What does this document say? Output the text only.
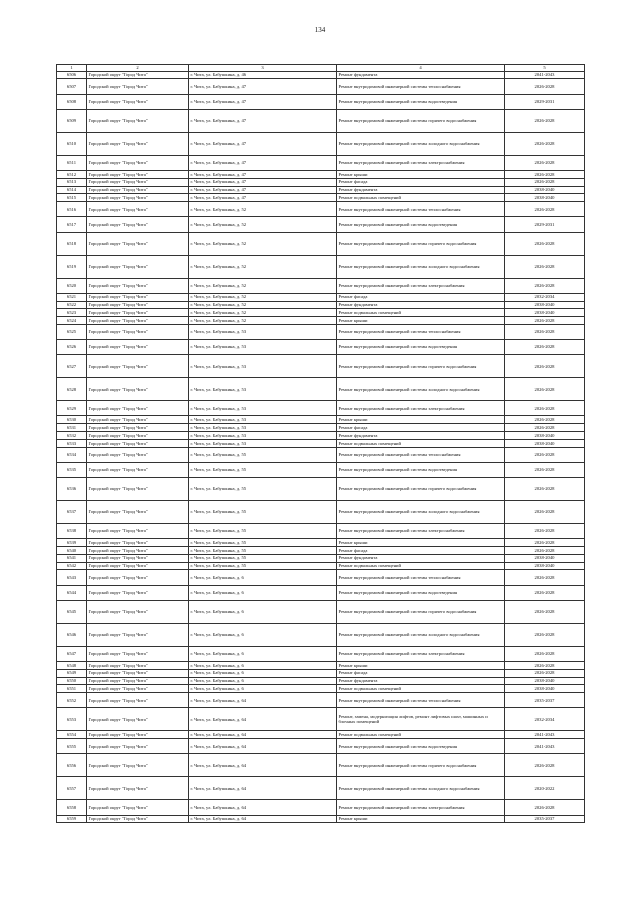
134
1	2	3	4	5
6506	Городской округ "Город Чита"	г. Чита, ул. Бабушкина, д. 46	Ремонт фундамента	2041-2043
6507	Городской округ "Город Чита"	г. Чита, ул. Бабушкина, д. 47	Ремонт внутридомовой инженерной системы теплоснабжения	2026-2028
6508	Городской округ "Город Чита"	г. Чита, ул. Бабушкина, д. 47	Ремонт внутридомовой инженерной системы водоотведения	2029-2031
6509	Городской округ "Город Чита"	г. Чита, ул. Бабушкина, д. 47	Ремонт внутридомовой инженерной системы горячего водоснабжения	2026-2028
6510	Городской округ "Город Чита"	г. Чита, ул. Бабушкина, д. 47	Ремонт внутридомовой инженерной системы холодного водоснабжения	2026-2028
6511	Городской округ "Город Чита"	г. Чита, ул. Бабушкина, д. 47	Ремонт внутридомовой инженерной системы электроснабжения	2026-2028
6512	Городской округ "Город Чита"	г. Чита, ул. Бабушкина, д. 47	Ремонт крыши	2026-2028
6513	Городской округ "Город Чита"	г. Чита, ул. Бабушкина, д. 47	Ремонт фасада	2026-2028
6514	Городской округ "Город Чита"	г. Чита, ул. Бабушкина, д. 47	Ремонт фундамента	2038-2040
6515	Городской округ "Город Чита"	г. Чита, ул. Бабушкина, д. 47	Ремонт подвальных помещений	2038-2040
6516	Городской округ "Город Чита"	г. Чита, ул. Бабушкина, д. 52	Ремонт внутридомовой инженерной системы теплоснабжения	2026-2028
6517	Городской округ "Город Чита"	г. Чита, ул. Бабушкина, д. 52	Ремонт внутридомовой инженерной системы водоотведения	2029-2031
6518	Городской округ "Город Чита"	г. Чита, ул. Бабушкина, д. 52	Ремонт внутридомовой инженерной системы горячего водоснабжения	2026-2028
6519	Городской округ "Город Чита"	г. Чита, ул. Бабушкина, д. 52	Ремонт внутридомовой инженерной системы холодного водоснабжения	2026-2028
6520	Городской округ "Город Чита"	г. Чита, ул. Бабушкина, д. 52	Ремонт внутридомовой инженерной системы электроснабжения	2026-2028
6521	Городской округ "Город Чита"	г. Чита, ул. Бабушкина, д. 52	Ремонт фасада	2032-2034
6522	Городской округ "Город Чита"	г. Чита, ул. Бабушкина, д. 52	Ремонт фундамента	2038-2040
6523	Городской округ "Город Чита"	г. Чита, ул. Бабушкина, д. 52	Ремонт подвальных помещений	2038-2040
6524	Городской округ "Город Чита"	г. Чита, ул. Бабушкина, д. 52	Ремонт крыши	2026-2028
6525	Городской округ "Город Чита"	г. Чита, ул. Бабушкина, д. 53	Ремонт внутридомовой инженерной системы теплоснабжения	2026-2028
6526	Городской округ "Город Чита"	г. Чита, ул. Бабушкина, д. 53	Ремонт внутридомовой инженерной системы водоотведения	2026-2028
6527	Городской округ "Город Чита"	г. Чита, ул. Бабушкина, д. 53	Ремонт внутридомовой инженерной системы горячего водоснабжения	2026-2028
6528	Городской округ "Город Чита"	г. Чита, ул. Бабушкина, д. 53	Ремонт внутридомовой инженерной системы холодного водоснабжения	2026-2028
6529	Городской округ "Город Чита"	г. Чита, ул. Бабушкина, д. 53	Ремонт внутридомовой инженерной системы электроснабжения	2026-2028
6530	Городской округ "Город Чита"	г. Чита, ул. Бабушкина, д. 53	Ремонт крыши	2026-2028
6531	Городской округ "Город Чита"	г. Чита, ул. Бабушкина, д. 53	Ремонт фасада	2026-2028
6532	Городской округ "Город Чита"	г. Чита, ул. Бабушкина, д. 53	Ремонт фундамента	2038-2040
6533	Городской округ "Город Чита"	г. Чита, ул. Бабушкина, д. 53	Ремонт подвальных помещений	2038-2040
6534	Городской округ "Город Чита"	г. Чита, ул. Бабушкина, д. 55	Ремонт внутридомовой инженерной системы теплоснабжения	2026-2028
6535	Городской округ "Город Чита"	г. Чита, ул. Бабушкина, д. 55	Ремонт внутридомовой инженерной системы водоотведения	2026-2028
6536	Городской округ "Город Чита"	г. Чита, ул. Бабушкина, д. 55	Ремонт внутридомовой инженерной системы горячего водоснабжения	2026-2028
6537	Городской округ "Город Чита"	г. Чита, ул. Бабушкина, д. 55	Ремонт внутридомовой инженерной системы холодного водоснабжения	2026-2028
6538	Городской округ "Город Чита"	г. Чита, ул. Бабушкина, д. 55	Ремонт внутридомовой инженерной системы электроснабжения	2026-2028
6539	Городской округ "Город Чита"	г. Чита, ул. Бабушкина, д. 55	Ремонт крыши	2026-2028
6540	Городской округ "Город Чита"	г. Чита, ул. Бабушкина, д. 55	Ремонт фасада	2026-2028
6541	Городской округ "Город Чита"	г. Чита, ул. Бабушкина, д. 55	Ремонт фундамента	2038-2040
6542	Городской округ "Город Чита"	г. Чита, ул. Бабушкина, д. 55	Ремонт подвальных помещений	2038-2040
6543	Городской округ "Город Чита"	г. Чита, ул. Бабушкина, д. 6	Ремонт внутридомовой инженерной системы теплоснабжения	2026-2028
6544	Городской округ "Город Чита"	г. Чита, ул. Бабушкина, д. 6	Ремонт внутридомовой инженерной системы водоотведения	2026-2028
6545	Городской округ "Город Чита"	г. Чита, ул. Бабушкина, д. 6	Ремонт внутридомовой инженерной системы горячего водоснабжения	2026-2028
6546	Городской округ "Город Чита"	г. Чита, ул. Бабушкина, д. 6	Ремонт внутридомовой инженерной системы холодного водоснабжения	2026-2028
6547	Городской округ "Город Чита"	г. Чита, ул. Бабушкина, д. 6	Ремонт внутридомовой инженерной системы электроснабжения	2026-2028
6548	Городской округ "Город Чита"	г. Чита, ул. Бабушкина, д. 6	Ремонт крыши	2026-2028
6549	Городской округ "Город Чита"	г. Чита, ул. Бабушкина, д. 6	Ремонт фасада	2026-2028
6550	Городской округ "Город Чита"	г. Чита, ул. Бабушкина, д. 6	Ремонт фундамента	2038-2040
6551	Городской округ "Город Чита"	г. Чита, ул. Бабушкина, д. 6	Ремонт подвальных помещений	2038-2040
6552	Городской округ "Город Чита"	г. Чита, ул. Бабушкина, д. 64	Ремонт внутридомовой инженерной системы теплоснабжения	2035-2037
6553	Городской округ "Город Чита"	г. Чита, ул. Бабушкина, д. 64	Ремонт, замена, модернизация лифтов, ремонт лифтовых шахт, машинных и блочных помещений	2032-2034
6554	Городской округ "Город Чита"	г. Чита, ул. Бабушкина, д. 64	Ремонт подвальных помещений	2041-2043
6555	Городской округ "Город Чита"	г. Чита, ул. Бабушкина, д. 64	Ремонт внутридомовой инженерной системы водоотведения	2041-2043
6556	Городской округ "Город Чита"	г. Чита, ул. Бабушкина, д. 64	Ремонт внутридомовой инженерной системы горячего водоснабжения	2026-2028
6557	Городской округ "Город Чита"	г. Чита, ул. Бабушкина, д. 64	Ремонт внутридомовой инженерной системы холодного водоснабжения	2020-2022
6558	Городской округ "Город Чита"	г. Чита, ул. Бабушкина, д. 64	Ремонт внутридомовой инженерной системы электроснабжения	2026-2028
6559	Городской округ "Город Чита"	г. Чита, ул. Бабушкина, д. 64	Ремонт крыши	2035-2037
